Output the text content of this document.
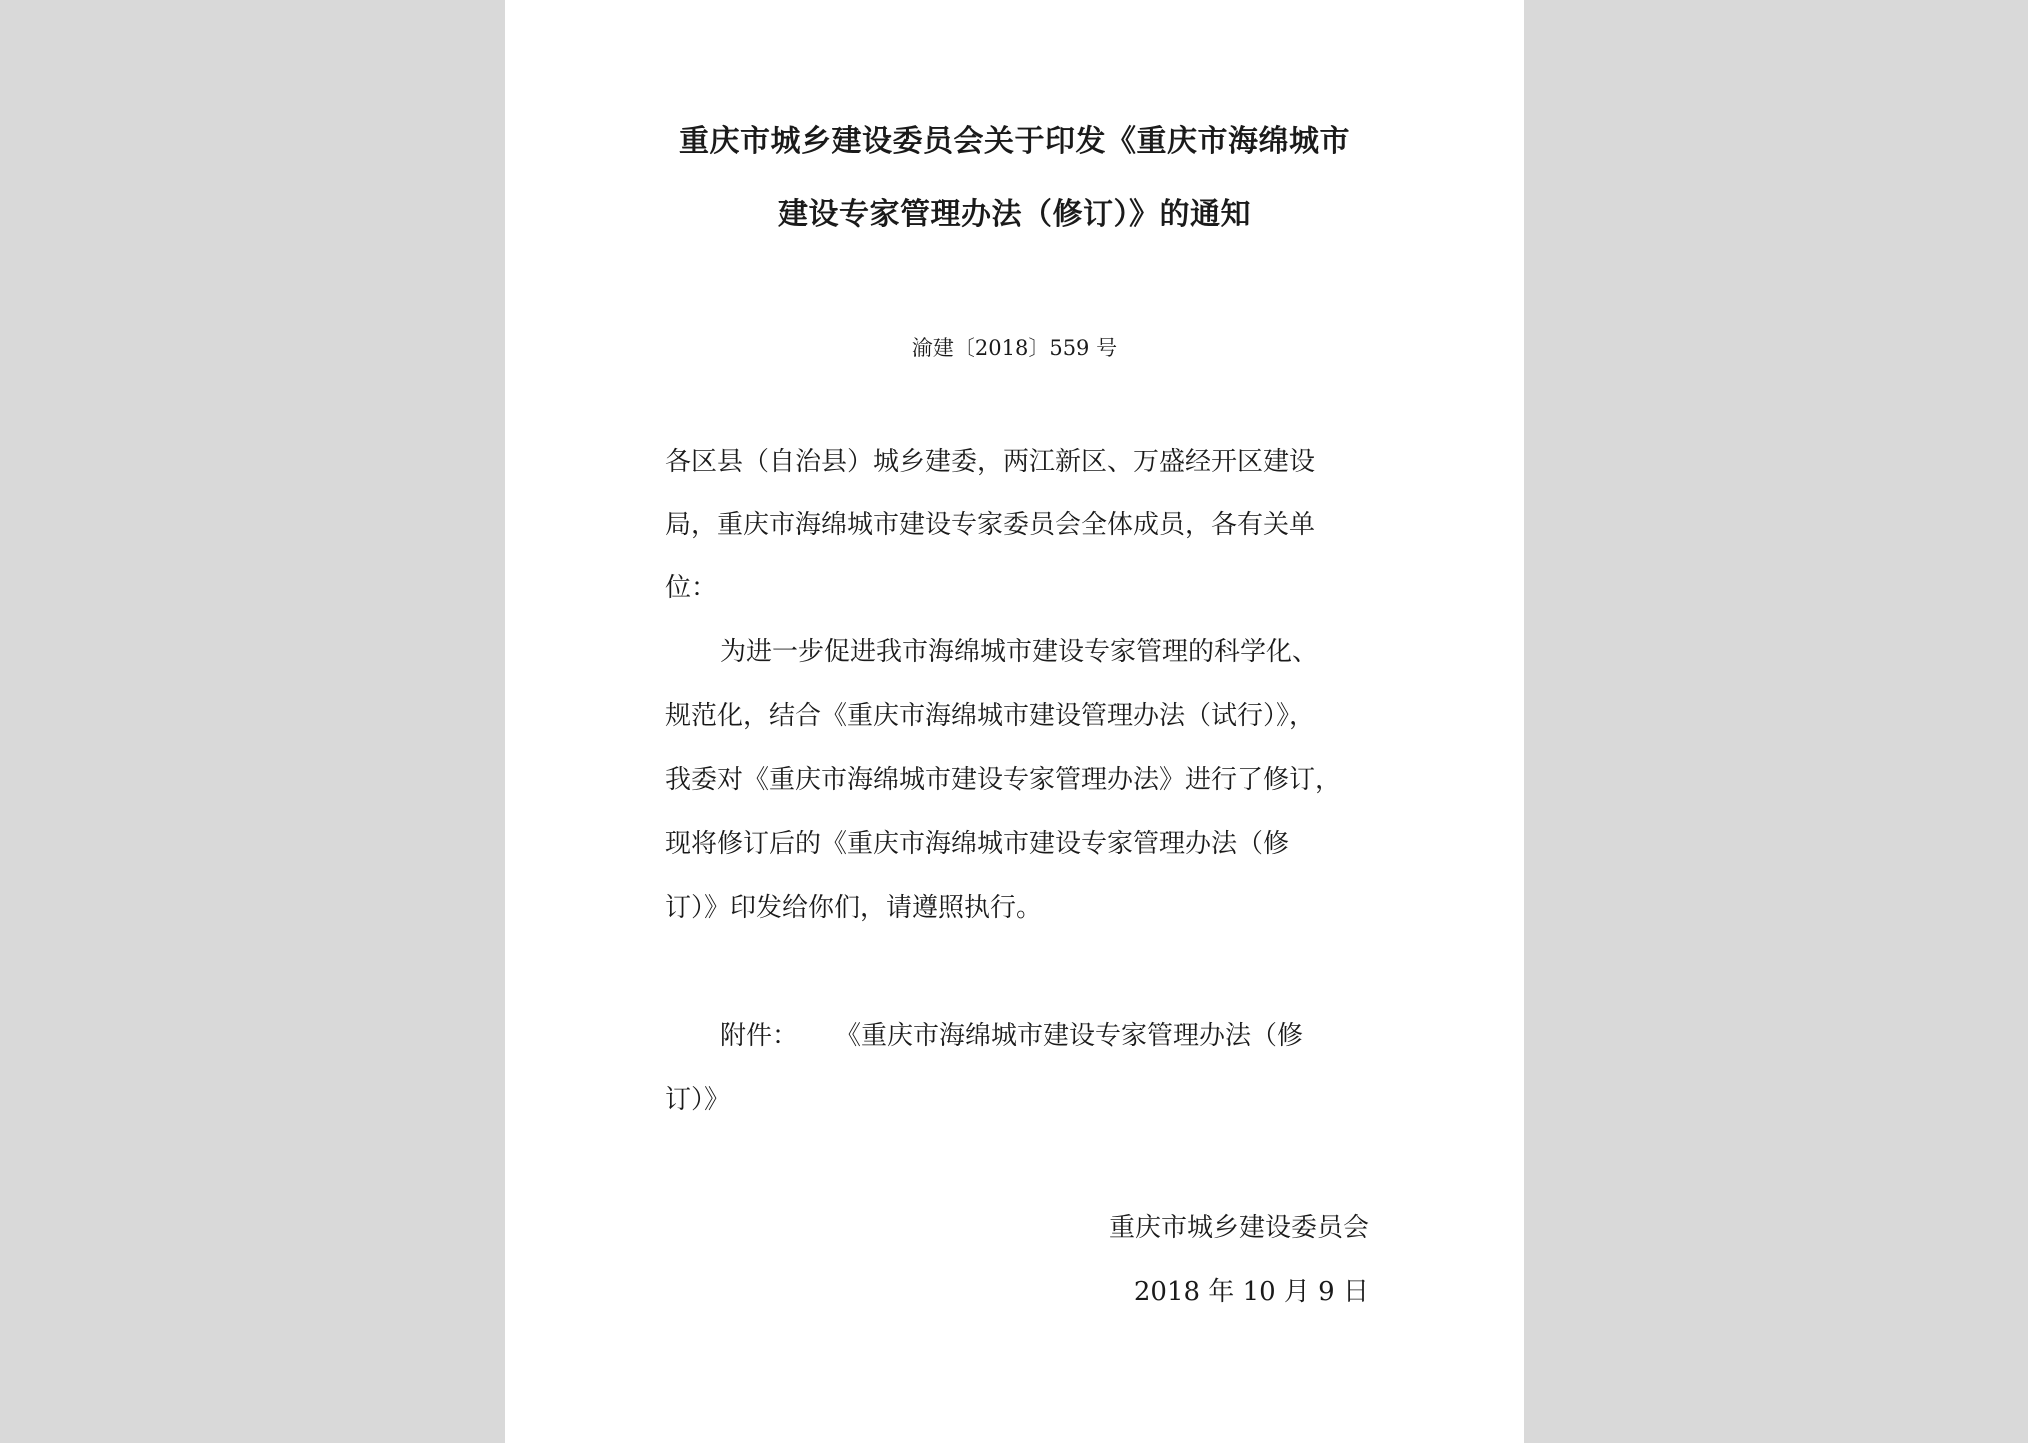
重庆市城乡建设委员会关于印发《重庆市海绵城市
建设专家管理办法（修订）》的通知
渝建〔2018〕559 号
各区县（自治县）城乡建委，两江新区、万盛经开区建设
局，重庆市海绵城市建设专家委员会全体成员，各有关单
位：
为进一步促进我市海绵城市建设专家管理的科学化、
规范化，结合《重庆市海绵城市建设管理办法（试行）》，
我委对《重庆市海绵城市建设专家管理办法》进行了修订，
现将修订后的《重庆市海绵城市建设专家管理办法（修
订）》印发给你们，请遵照执行。
附件： 《重庆市海绵城市建设专家管理办法（修
订）》
重庆市城乡建设委员会
2018 年 10 月 9 日
